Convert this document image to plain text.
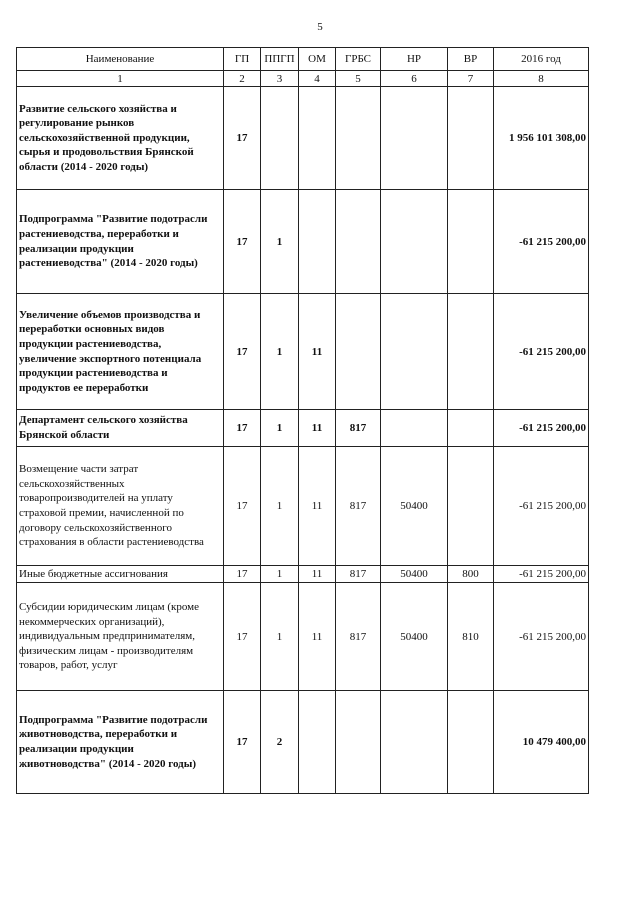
5
Наименование	ГП	ППГП	ОМ	ГРБС	НР	ВР	2016 год
1	2	3	4	5	6	7	8
Развитие сельского хозяйства и регулирование рынков сельскохозяйственной продукции, сырья и продовольствия Брянской области (2014 - 2020 годы)	17						1 956 101 308,00
Подпрограмма "Развитие подотрасли растениеводства, переработки и реализации продукции растениеводства" (2014 - 2020 годы)	17	1					-61 215 200,00
Увеличение объемов производства и переработки основных видов продукции растениеводства, увеличение экспортного потенциала продукции растениеводства и продуктов ее переработки	17	1	11				-61 215 200,00
Департамент сельского хозяйства Брянской области	17	1	11	817			-61 215 200,00
Возмещение части затрат сельскохозяйственных товаропроизводителей на уплату страховой премии, начисленной по договору сельскохозяйственного страхования в области растениеводства	17	1	11	817	50400		-61 215 200,00
Иные бюджетные ассигнования	17	1	11	817	50400	800	-61 215 200,00
Субсидии юридическим лицам (кроме некоммерческих организаций), индивидуальным предпринимателям, физическим лицам - производителям товаров, работ, услуг	17	1	11	817	50400	810	-61 215 200,00
Подпрограмма "Развитие подотрасли животноводства, переработки и реализации продукции животноводства" (2014 - 2020 годы)	17	2					10 479 400,00
